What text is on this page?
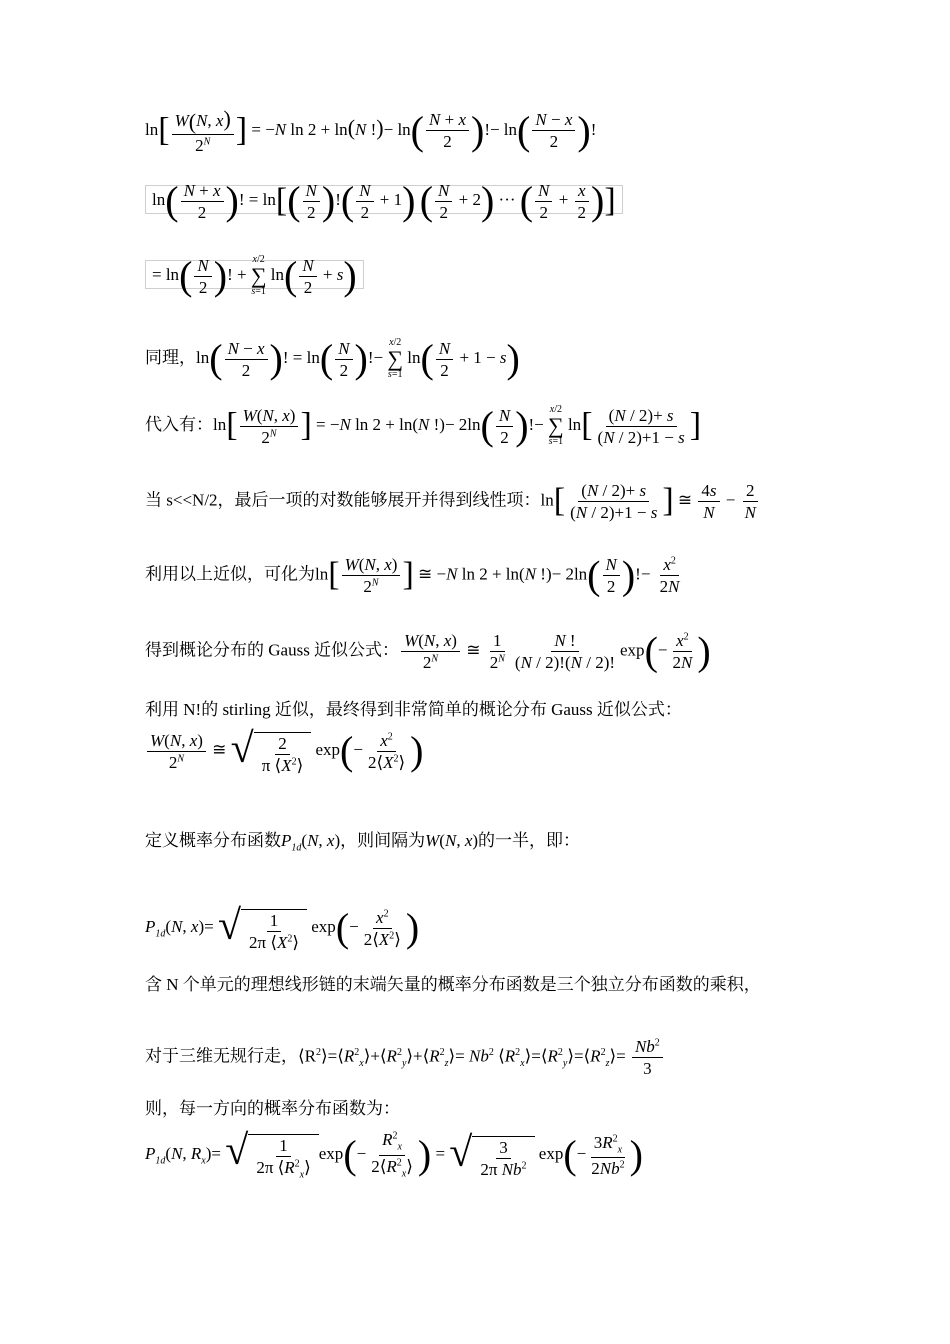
$\ln[ \frac{W(N, x)}{2^N}$ ] = −N ln 2 + ln(N !)− $\ln( \frac{N + x}{2}$ )!− $\ln( \frac{N - x}{2}$ )!
$\ln( \frac{N + x}{2}$ )! = $\ln[( \frac{N}{2}$ )!( $\frac{N}{2} + 1$) ( $\frac{N}{2} + 2$) ··· ( $\frac{N}{2} + \frac{x}{2}$ )]
= $\ln( \frac{N}{2}$ )! +
x/2
∑
s=1
$\ln( \frac{N}{2} + s)$
同理，$\ln( \frac{N - x}{2}$ )! = $\ln( \frac{N}{2}$ )!−
x/2
∑
s=1
$\ln( \frac{N}{2} + 1 - s)$
代入有：$\ln[ \frac{W(N, x)}{2^N}$ ] = −N ln 2 + ln(N !)− $2\ln( \frac{N}{2}$ )!−
x/2
∑
s=1
$\ln[ \frac{(N / 2)+ s}{(N / 2)+1 - s}$ ]
当 s<<N/2，最后一项的对数能够展开并得到线性项：$\ln[ \frac{(N / 2)+ s}{(N / 2)+1 - s}$ ] ≅ $\frac{4s}{N} - \frac{2}{N}$
利用以上近似，可化为$\ln[ \frac{W(N, x)}{2^N}$ ] ≅ −N ln 2 + ln(N !)− $2\ln( \frac{N}{2}$ )!− $\frac{x^2}{2N}$
得到概论分布的 Gauss 近似公式： $\frac{W(N, x)}{2^N}$ ≅ $\frac{1}{2^N} \frac{N !}{(N / 2)!(N / 2)!} \exp(- \frac{x^2}{2N}$ )
利用 N!的 stirling 近似，最终得到非常简单的概论分布 Gauss 近似公式：
$\frac{W(N, x)}{2^N}$ ≅ √ $\frac{2}{\pi ⟨X^2⟩} \exp(- \frac{x^2}{2⟨X^2⟩}$ )
定义概率分布函数$P_{1d}(N$, x)，则间隔为W(N, x)的一半，即：
$P_{1d}(N$, x)= √ $\frac{1}{2\pi ⟨X^2⟩} \exp(- \frac{x^2}{2⟨X^2⟩}$ )
含 N 个单元的理想线形链的末端矢量的概率分布函数是三个独立分布函数的乘积，
对于三维无规行走，$⟨R^2⟩=⟨R^2_x⟩+⟨R^2_y⟩+⟨R^2_z⟩= Nb^2$ $⟨R^2_x⟩=⟨R^2_y⟩=⟨R^2_z⟩= \frac{Nb^2}{3}$
则，每一方向的概率分布函数为：
$P_{1d}(N$, $R_x)=$ √ $\frac{1}{2\pi ⟨R^2_x⟩} \exp(- \frac{R^2_x}{2⟨R^2_x⟩}$ ) = √ $\frac{3}{2\pi Nb^2} \exp(- \frac{3R^2_x}{2Nb^2}$ )
